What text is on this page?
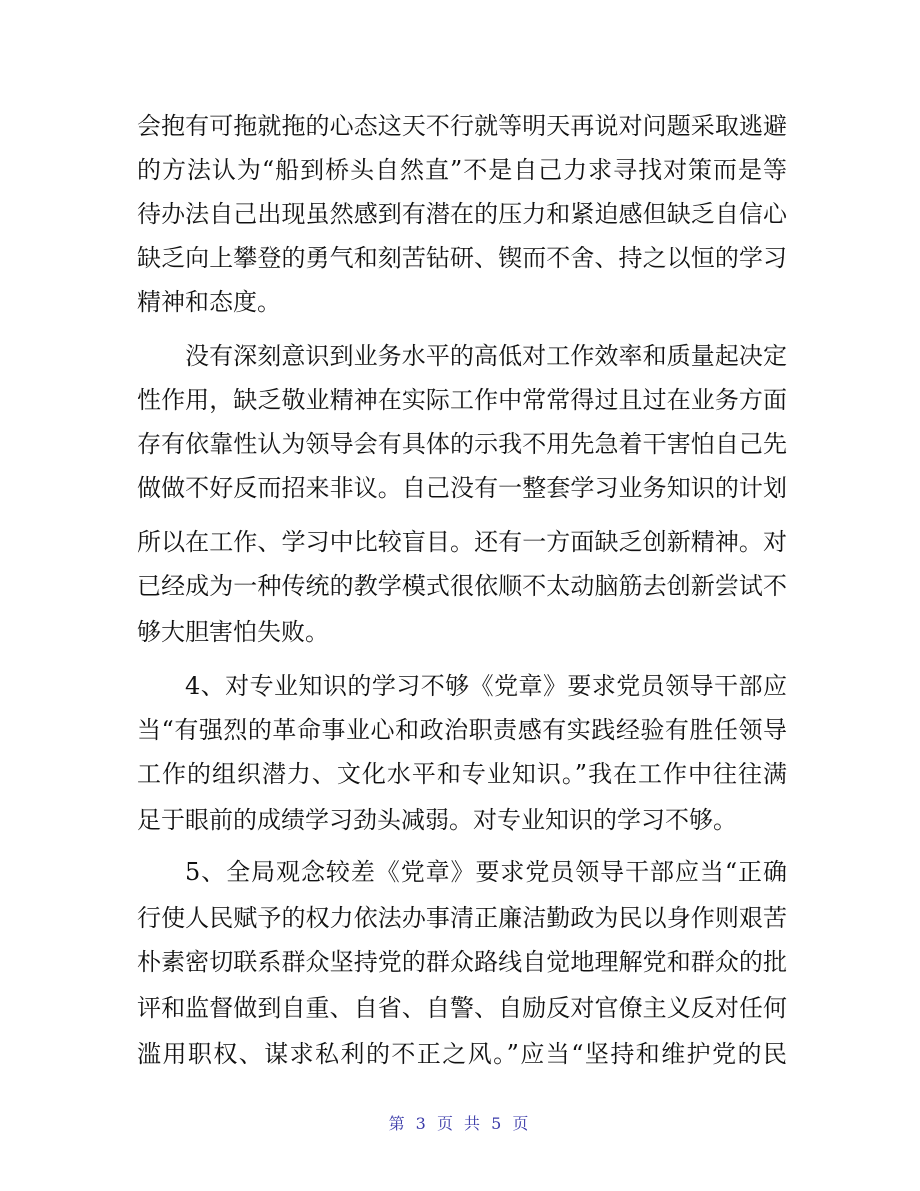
会抱有可拖就拖的心态这天不行就等明天再说对问题采取逃避
的方法认为“船到桥头自然直”不是自己力求寻找对策而是等
待办法自己出现虽然感到有潜在的压力和紧迫感但缺乏自信心
缺乏向上攀登的勇气和刻苦钻研、锲而不舍、持之以恒的学习
精神和态度。
没有深刻意识到业务水平的高低对工作效率和质量起决定
性作用，缺乏敬业精神在实际工作中常常得过且过在业务方面
存有依靠性认为领导会有具体的示我不用先急着干害怕自己先
做做不好反而招来非议。自己没有一整套学习业务知识的计划
所以在工作、学习中比较盲目。还有一方面缺乏创新精神。对
已经成为一种传统的教学模式很依顺不太动脑筋去创新尝试不
够大胆害怕失败。
4、对专业知识的学习不够《党章》要求党员领导干部应
当“有强烈的革命事业心和政治职责感有实践经验有胜任领导
工作的组织潜力、文化水平和专业知识。”我在工作中往往满
足于眼前的成绩学习劲头减弱。对专业知识的学习不够。
5、全局观念较差《党章》要求党员领导干部应当“正确
行使人民赋予的权力依法办事清正廉洁勤政为民以身作则艰苦
朴素密切联系群众坚持党的群众路线自觉地理解党和群众的批
评和监督做到自重、自省、自警、自励反对官僚主义反对任何
滥用职权、谋求私利的不正之风。”应当“坚持和维护党的民
第 3 页 共 5 页
